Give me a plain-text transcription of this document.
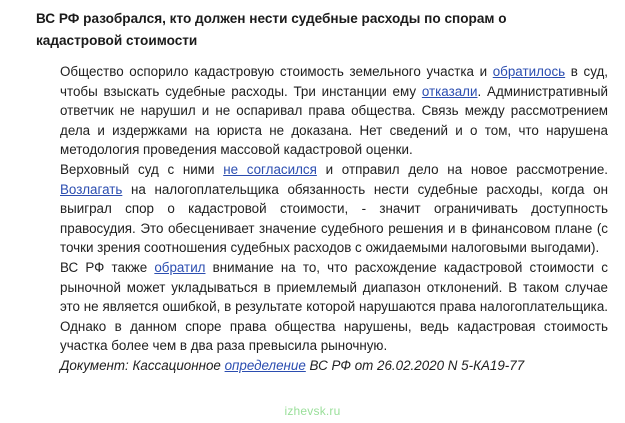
ВС РФ разобрался, кто должен нести судебные расходы по спорам о
кадастровой стоимости

Общество оспорило кадастровую стоимость земельного участка и обратилось в суд, чтобы взыскать судебные расходы. Три инстанции ему отказали. Административный ответчик не нарушил и не оспаривал права общества. Связь между рассмотрением дела и издержками на юриста не доказана. Нет сведений и о том, что нарушена методология проведения массовой кадастровой оценки.

Верховный суд с ними не согласился и отправил дело на новое рассмотрение. Возлагать на налогоплательщика обязанность нести судебные расходы, когда он выиграл спор о кадастровой стоимости, - значит ограничивать доступность правосудия. Это обесценивает значение судебного решения и в финансовом плане (с точки зрения соотношения судебных расходов с ожидаемыми налоговыми выгодами).

ВС РФ также обратил внимание на то, что расхождение кадастровой стоимости с рыночной может укладываться в приемлемый диапазон отклонений. В таком случае это не является ошибкой, в результате которой нарушаются права налогоплательщика. Однако в данном споре права общества нарушены, ведь кадастровая стоимость участка более чем в два раза превысила рыночную.

Документ: Кассационное определение ВС РФ от 26.02.2020 N 5-КА19-77

izhevsk.ru
